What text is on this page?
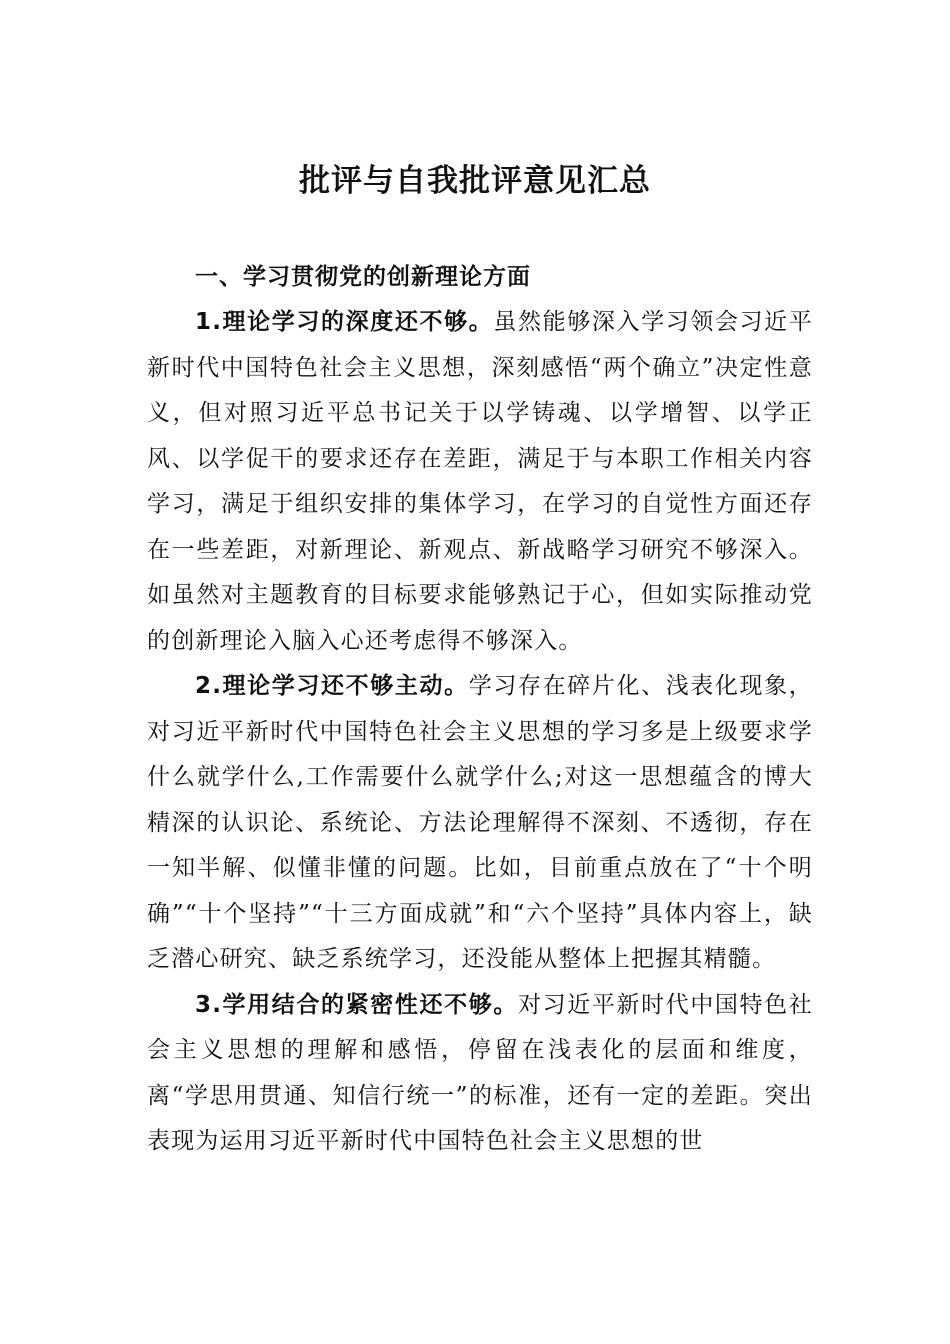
批评与自我批评意见汇总
一、学习贯彻党的创新理论方面

1.理论学习的深度还不够。虽然能够深入学习领会习近平新时代中国特色社会主义思想，深刻感悟“两个确立”决定性意义，但对照习近平总书记关于以学铸魂、以学增智、以学正风、以学促干的要求还存在差距，满足于与本职工作相关内容学习，满足于组织安排的集体学习，在学习的自觉性方面还存在一些差距，对新理论、新观点、新战略学习研究不够深入。如虽然对主题教育的目标要求能够熟记于心，但如实际推动党的创新理论入脑入心还考虑得不够深入。

2.理论学习还不够主动。学习存在碎片化、浅表化现象，对习近平新时代中国特色社会主义思想的学习多是上级要求学什么就学什么,工作需要什么就学什么;对这一思想蕴含的博大精深的认识论、系统论、方法论理解得不深刻、不透彻，存在一知半解、似懂非懂的问题。比如，目前重点放在了“十个明确”“十个坚持”“十三方面成就”和“六个坚持”具体内容上，缺乏潜心研究、缺乏系统学习，还没能从整体上把握其精髓。

3.学用结合的紧密性还不够。对习近平新时代中国特色社会主义思想的理解和感悟，停留在浅表化的层面和维度，离“学思用贯通、知信行统一”的标准，还有一定的差距。突出表现为运用习近平新时代中国特色社会主义思想的世
